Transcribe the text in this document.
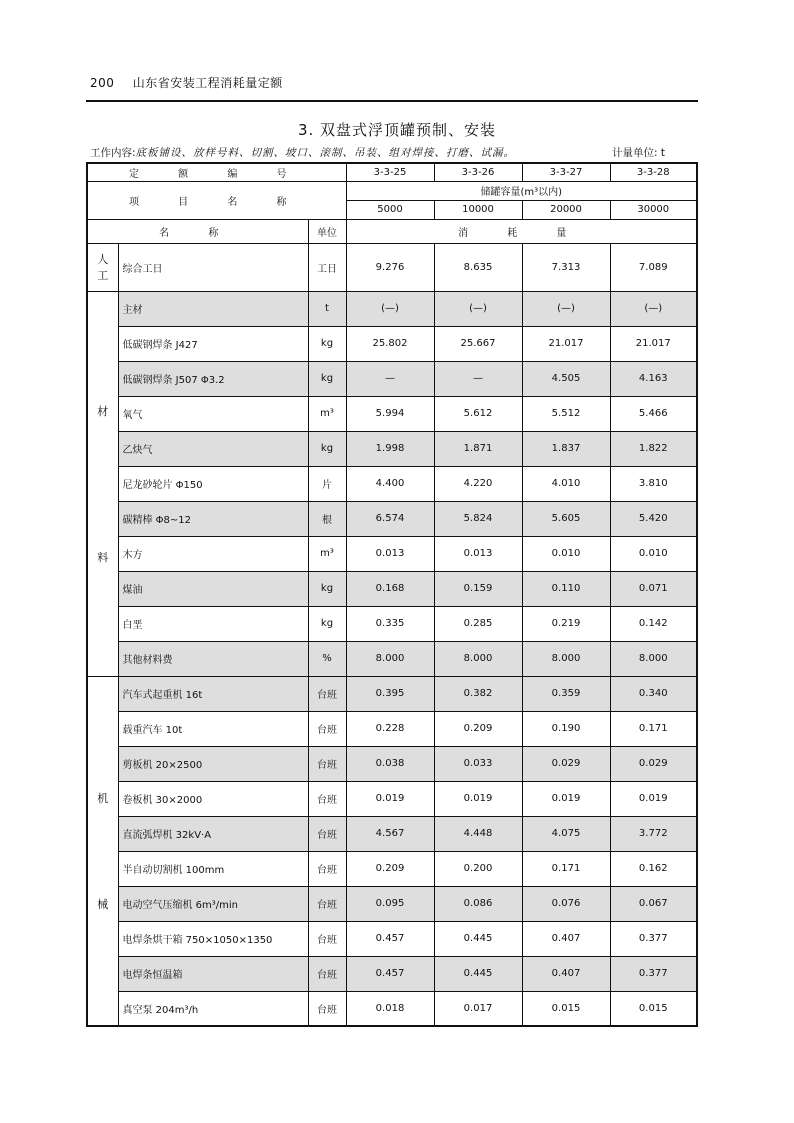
200 山东省安装工程消耗量定额
3. 双盘式浮顶罐预制、安装
工作内容:底板铺设、放样号料、切割、坡口、滚制、吊装、组对焊接、打磨、试漏。	计量单位: t
定 额 编 号			3-3-25	3-3-26	3-3-27	3-3-28
项 目 名 称			储罐容量(m³以内)			
			5000	10000	20000	30000
名 称		单位	消 耗 量			

人
工	综合工日	工日	9.276	8.635	7.313	7.089

材
料	主材	t	(—)	(—)	(—)	(—)
	低碳钢焊条 J427	kg	25.802	25.667	21.017	21.017
	低碳钢焊条 J507 Φ3.2	kg	—	—	4.505	4.163
	氧气	m³	5.994	5.612	5.512	5.466
	乙炔气	kg	1.998	1.871	1.837	1.822
	尼龙砂轮片 Φ150	片	4.400	4.220	4.010	3.810
	碳精棒 Φ8~12	根	6.574	5.824	5.605	5.420
	木方	m³	0.013	0.013	0.010	0.010
	煤油	kg	0.168	0.159	0.110	0.071
	白垩	kg	0.335	0.285	0.219	0.142
	其他材料费	%	8.000	8.000	8.000	8.000

机
械	汽车式起重机 16t	台班	0.395	0.382	0.359	0.340
	载重汽车 10t	台班	0.228	0.209	0.190	0.171
	剪板机 20×2500	台班	0.038	0.033	0.029	0.029
	卷板机 30×2000	台班	0.019	0.019	0.019	0.019
	直流弧焊机 32kV·A	台班	4.567	4.448	4.075	3.772
	半自动切割机 100mm	台班	0.209	0.200	0.171	0.162
	电动空气压缩机 6m³/min	台班	0.095	0.086	0.076	0.067
	电焊条烘干箱 750×1050×1350	台班	0.457	0.445	0.407	0.377
	电焊条恒温箱	台班	0.457	0.445	0.407	0.377
	真空泵 204m³/h	台班	0.018	0.017	0.015	0.015
